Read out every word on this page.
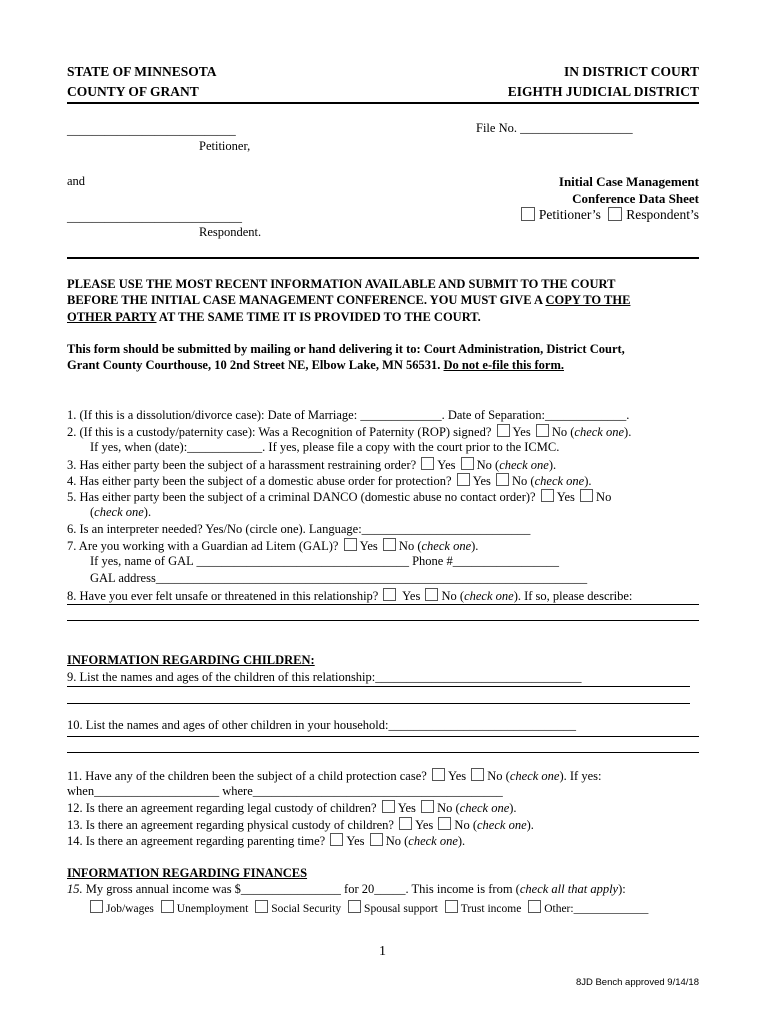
STATE OF MINNESOTA
COUNTY OF GRANT
IN DISTRICT COURT
EIGHTH JUDICIAL DISTRICT
___________________________
Petitioner,
File No. __________________
and	Initial Case Management
Conference Data Sheet
Petitioner’s Respondent’s
____________________________
Respondent.
PLEASE USE THE MOST RECENT INFORMATION AVAILABLE AND SUBMIT TO THE COURT
BEFORE THE INITIAL CASE MANAGEMENT CONFERENCE. YOU MUST GIVE A COPY TO THE
OTHER PARTY AT THE SAME TIME IT IS PROVIDED TO THE COURT.
This form should be submitted by mailing or hand delivering it to: Court Administration, District Court,
Grant County Courthouse, 10 2nd Street NE, Elbow Lake, MN 56531. Do not e-file this form.
1. (If this is a dissolution/divorce case): Date of Marriage: _____________. Date of Separation:_____________.
2. (If this is a custody/paternity case): Was a Recognition of Paternity (ROP) signed? Yes No (check one).
If yes, when (date):____________. If yes, please file a copy with the court prior to the ICMC.
3. Has either party been the subject of a harassment restraining order? Yes No (check one).
4. Has either party been the subject of a domestic abuse order for protection? Yes No (check one).
5. Has either party been the subject of a criminal DANCO (domestic abuse no contact order)? Yes No
(check one).
6. Is an interpreter needed? Yes/No (circle one). Language:___________________________
7. Are you working with a Guardian ad Litem (GAL)? Yes No (check one).
If yes, name of GAL __________________________________ Phone #_________________
GAL address_____________________________________________________________________
8. Have you ever felt unsafe or threatened in this relationship? Yes No (check one). If so, please describe:
INFORMATION REGARDING CHILDREN:
9. List the names and ages of the children of this relationship:_________________________________
10. List the names and ages of other children in your household:______________________________
11. Have any of the children been the subject of a child protection case? Yes No (check one). If yes:
when____________________ where________________________________________
12. Is there an agreement regarding legal custody of children? Yes No (check one).
13. Is there an agreement regarding physical custody of children? Yes No (check one).
14. Is there an agreement regarding parenting time? Yes No (check one).
INFORMATION REGARDING FINANCES
15. My gross annual income was $________________ for 20_____. This income is from (check all that apply):
Job/wages Unemployment Social Security Spousal support Trust income Other:_____________
1
8JD Bench approved 9/14/18
